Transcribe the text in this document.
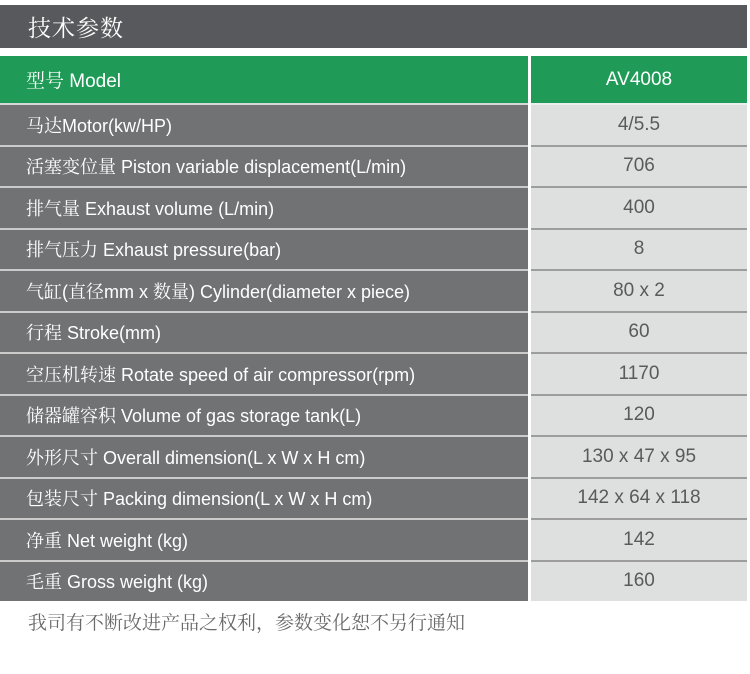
技术参数
型号 Model	AV4008
马达Motor(kw/HP)	4/5.5
活塞变位量 Piston variable displacement(L/min)	706
排气量 Exhaust volume (L/min)	400
排气压力 Exhaust pressure(bar)	8
气缸(直径mm x 数量) Cylinder(diameter x piece)	80 x 2
行程 Stroke(mm)	60
空压机转速 Rotate speed of air compressor(rpm)	1170
储器罐容积 Volume of gas storage tank(L)	120
外形尺寸 Overall dimension(L x W x H cm)	130 x 47 x 95
包装尺寸 Packing dimension(L x W x H cm)	142 x 64 x 118
净重 Net weight (kg)	142
毛重 Gross weight (kg)	160
我司有不断改进产品之权利，参数变化恕不另行通知
